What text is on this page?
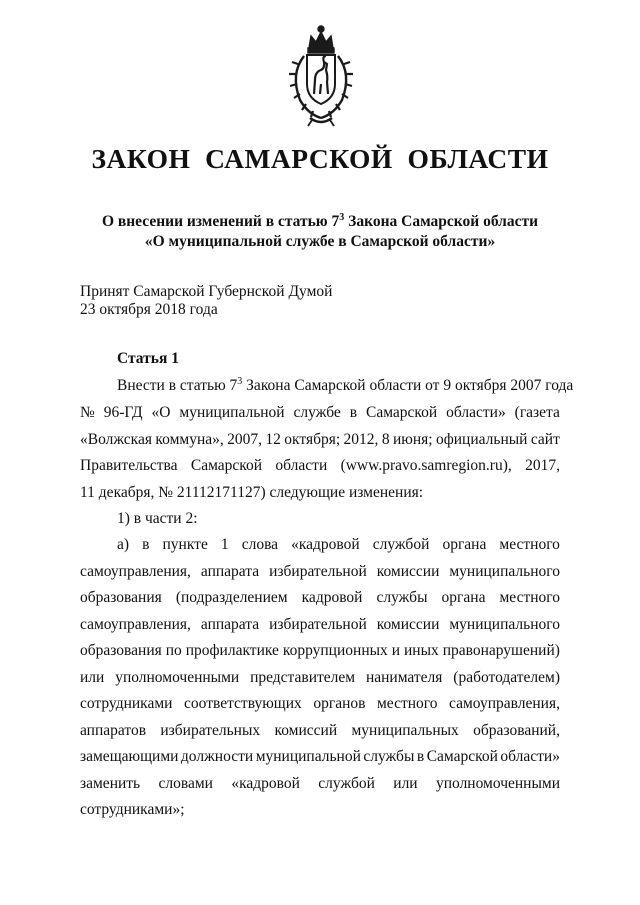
ЗАКОН  САМАРСКОЙ  ОБЛАСТИ
О внесении изменений в статью $7^3$ Закона Самарской области
«О муниципальной службе в Самарской области»
Принят Самарской Губернской Думой
23 октября 2018 года
Статья 1
Внести в статью $7^3$ Закона Самарской области от 9 октября 2007 года
№ 96-ГД «О муниципальной службе в Самарской области» (газета
«Волжская коммуна», 2007, 12 октября; 2012, 8 июня; официальный сайт
Правительства Самарской области (www.pravo.samregion.ru), 2017,
11 декабря, № 21112171127) следующие изменения:
1) в части 2:
а) в пункте 1 слова «кадровой службой органа местного
самоуправления, аппарата избирательной комиссии муниципального
образования (подразделением кадровой службы органа местного
самоуправления, аппарата избирательной комиссии муниципального
образования по профилактике коррупционных и иных правонарушений)
или уполномоченными представителем нанимателя (работодателем)
сотрудниками соответствующих органов местного самоуправления,
аппаратов избирательных комиссий муниципальных образований,
замещающими должности муниципальной службы в Самарской области»
заменить словами «кадровой службой или уполномоченными
сотрудниками»;
